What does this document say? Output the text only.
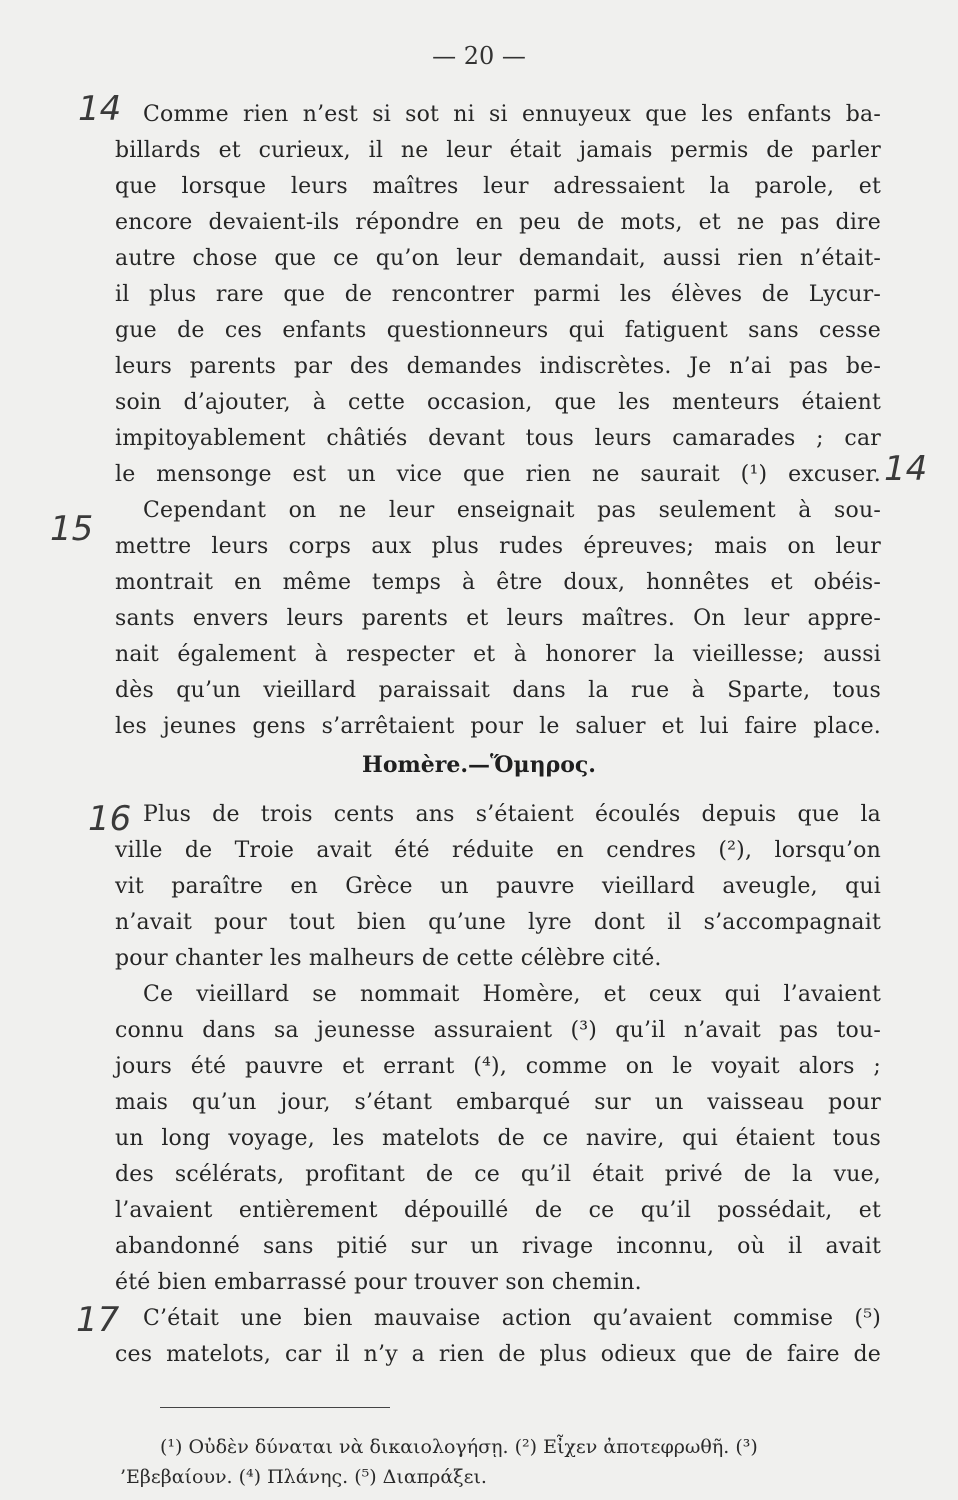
— 20 —
14
14
15
16
17
Comme rien n’est si sot ni si ennuyeux que les enfants ba-
billards et curieux, il ne leur était jamais permis de parler
que lorsque leurs maîtres leur adressaient la parole, et
encore devaient-ils répondre en peu de mots, et ne pas dire
autre chose que ce qu’on leur demandait, aussi rien n’était-
il plus rare que de rencontrer parmi les élèves de Lycur-
gue de ces enfants questionneurs qui fatiguent sans cesse
leurs parents par des demandes indiscrètes. Je n’ai pas be-
soin d’ajouter, à cette occasion, que les menteurs étaient
impitoyablement châtiés devant tous leurs camarades ; car
le mensonge est un vice que rien ne saurait (¹) excuser.
Cependant on ne leur enseignait pas seulement à sou-
mettre leurs corps aux plus rudes épreuves; mais on leur
montrait en même temps à être doux, honnêtes et obéis-
sants envers leurs parents et leurs maîtres. On leur appre-
nait également à respecter et à honorer la vieillesse; aussi
dès qu’un vieillard paraissait dans la rue à Sparte, tous
les jeunes gens s’arrêtaient pour le saluer et lui faire place.
Homère.—Ὅμηρος.
Plus de trois cents ans s’étaient écoulés depuis que la
ville de Troie avait été réduite en cendres (²), lorsqu’on
vit paraître en Grèce un pauvre vieillard aveugle, qui
n’avait pour tout bien qu’une lyre dont il s’accompagnait
pour chanter les malheurs de cette célèbre cité.
Ce vieillard se nommait Homère, et ceux qui l’avaient
connu dans sa jeunesse assuraient (³) qu’il n’avait pas tou-
jours été pauvre et errant (⁴), comme on le voyait alors ;
mais qu’un jour, s’étant embarqué sur un vaisseau pour
un long voyage, les matelots de ce navire, qui étaient tous
des scélérats, profitant de ce qu’il était privé de la vue,
l’avaient entièrement dépouillé de ce qu’il possédait, et
abandonné sans pitié sur un rivage inconnu, où il avait
été bien embarrassé pour trouver son chemin.
C’était une bien mauvaise action qu’avaient commise (⁵)
ces matelots, car il n’y a rien de plus odieux que de faire de
(¹) Οὐδὲν δύναται νὰ δικαιολογήσῃ. (²) Εἶχεν ἀποτεφρωθῆ. (³)
’Εβεβαίουν. (⁴) Πλάνης. (⁵) Διαπράξει.
